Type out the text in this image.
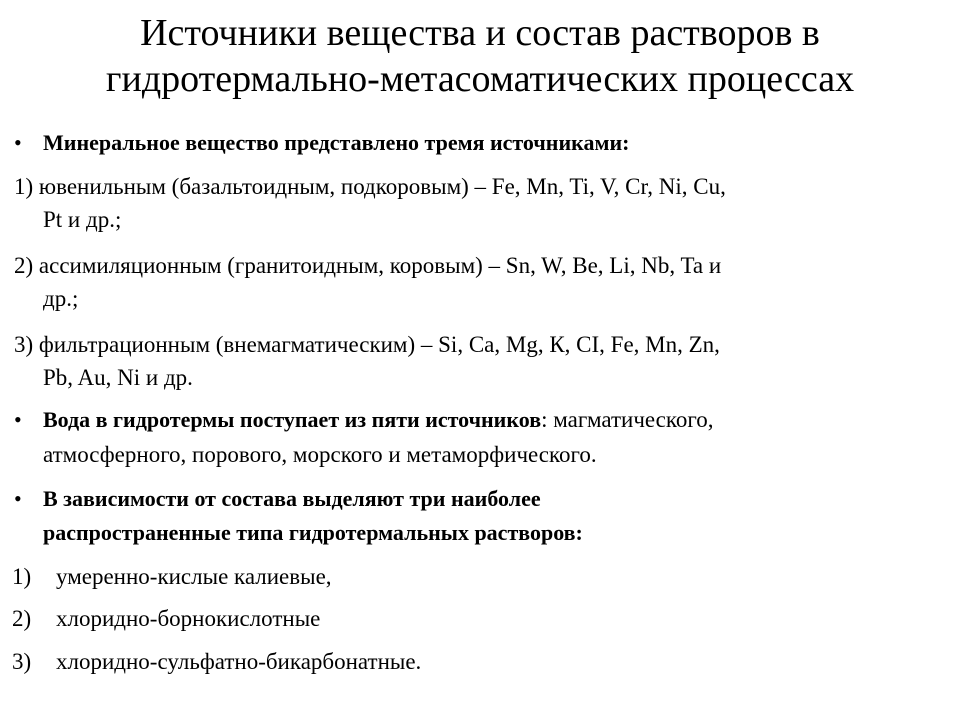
Источники вещества и состав растворов в
гидротермально-метасоматических процессах
• Минеральное вещество представлено тремя источниками:
1) ювенильным (базальтоидным, подкоровым) – Fe, Mn, Ti, V, Cr, Ni, Cu,
Pt и др.;
2) ассимиляционным (гранитоидным, коровым) – Sn, W, Be, Li, Nb, Ta и
др.;
3) фильтрационным (внемагматическим) – Si, Ca, Mg, К, CI, Fe, Mn, Zn,
Pb, Au, Ni и др.
• Вода в гидротермы поступает из пяти источников: магматического,
атмосферного, порового, морского и метаморфического.
• В зависимости от состава выделяют три наиболее
распространенные типа гидротермальных растворов:
1) умеренно-кислые калиевые,
2) хлоридно-борнокислотные
3) хлоридно-сульфатно-бикарбонатные.
